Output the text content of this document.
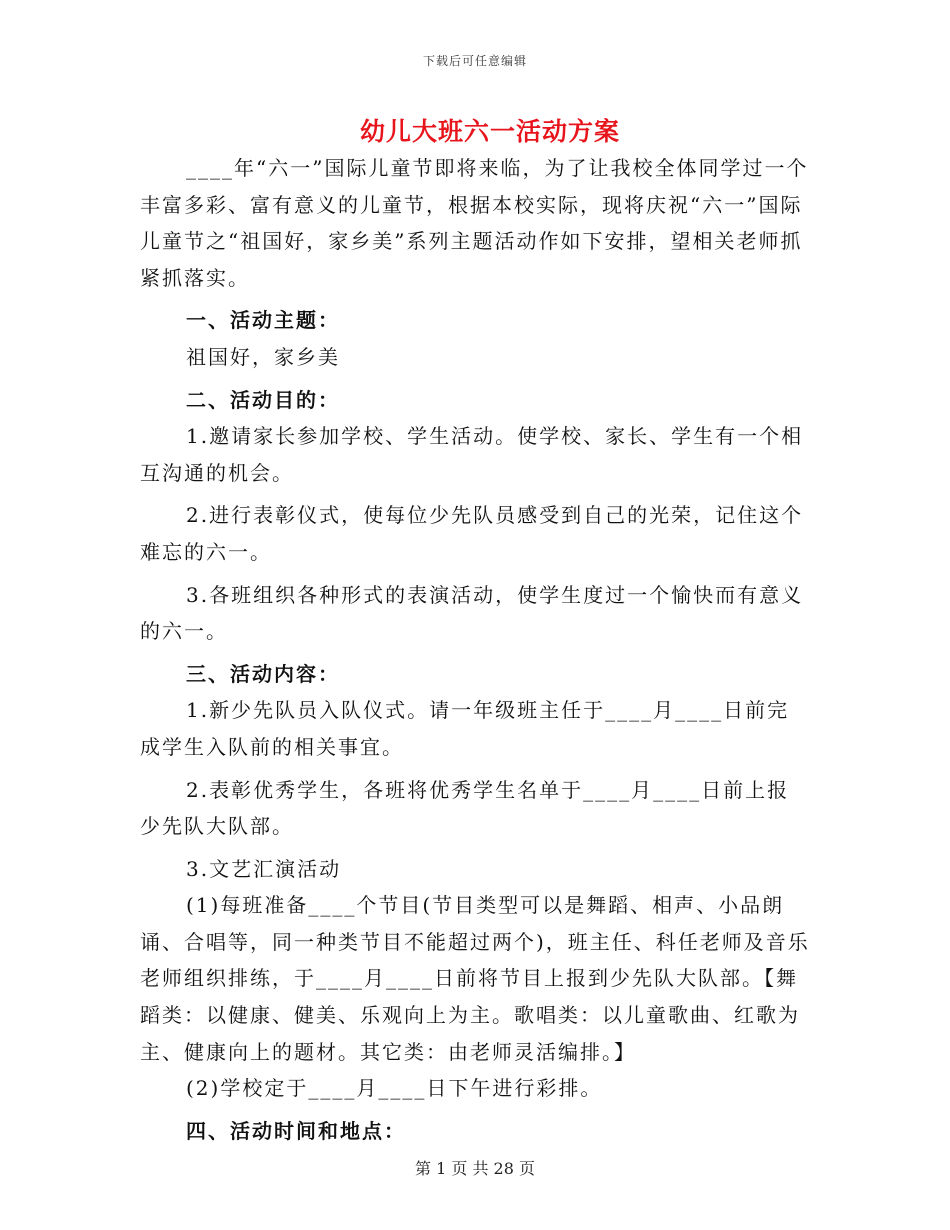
下载后可任意编辑
幼儿大班六一活动方案

____年“六一”国际儿童节即将来临，为了让我校全体同学过一个丰富多彩、富有意义的儿童节，根据本校实际，现将庆祝“六一”国际儿童节之“祖国好，家乡美”系列主题活动作如下安排，望相关老师抓紧抓落实。

一、活动主题：

祖国好，家乡美

二、活动目的：

1.邀请家长参加学校、学生活动。使学校、家长、学生有一个相互沟通的机会。

2.进行表彰仪式，使每位少先队员感受到自己的光荣，记住这个难忘的六一。

3.各班组织各种形式的表演活动，使学生度过一个愉快而有意义的六一。

三、活动内容：

1.新少先队员入队仪式。请一年级班主任于____月____日前完成学生入队前的相关事宜。

2.表彰优秀学生，各班将优秀学生名单于____月____日前上报少先队大队部。

3.文艺汇演活动

(1)每班准备____个节目(节目类型可以是舞蹈、相声、小品朗诵、合唱等，同一种类节目不能超过两个)，班主任、科任老师及音乐老师组织排练，于____月____日前将节目上报到少先队大队部。【舞蹈类：以健康、健美、乐观向上为主。歌唱类：以儿童歌曲、红歌为主、健康向上的题材。其它类：由老师灵活编排。】

(2)学校定于____月____日下午进行彩排。

四、活动时间和地点：

第 1 页 共 28 页
